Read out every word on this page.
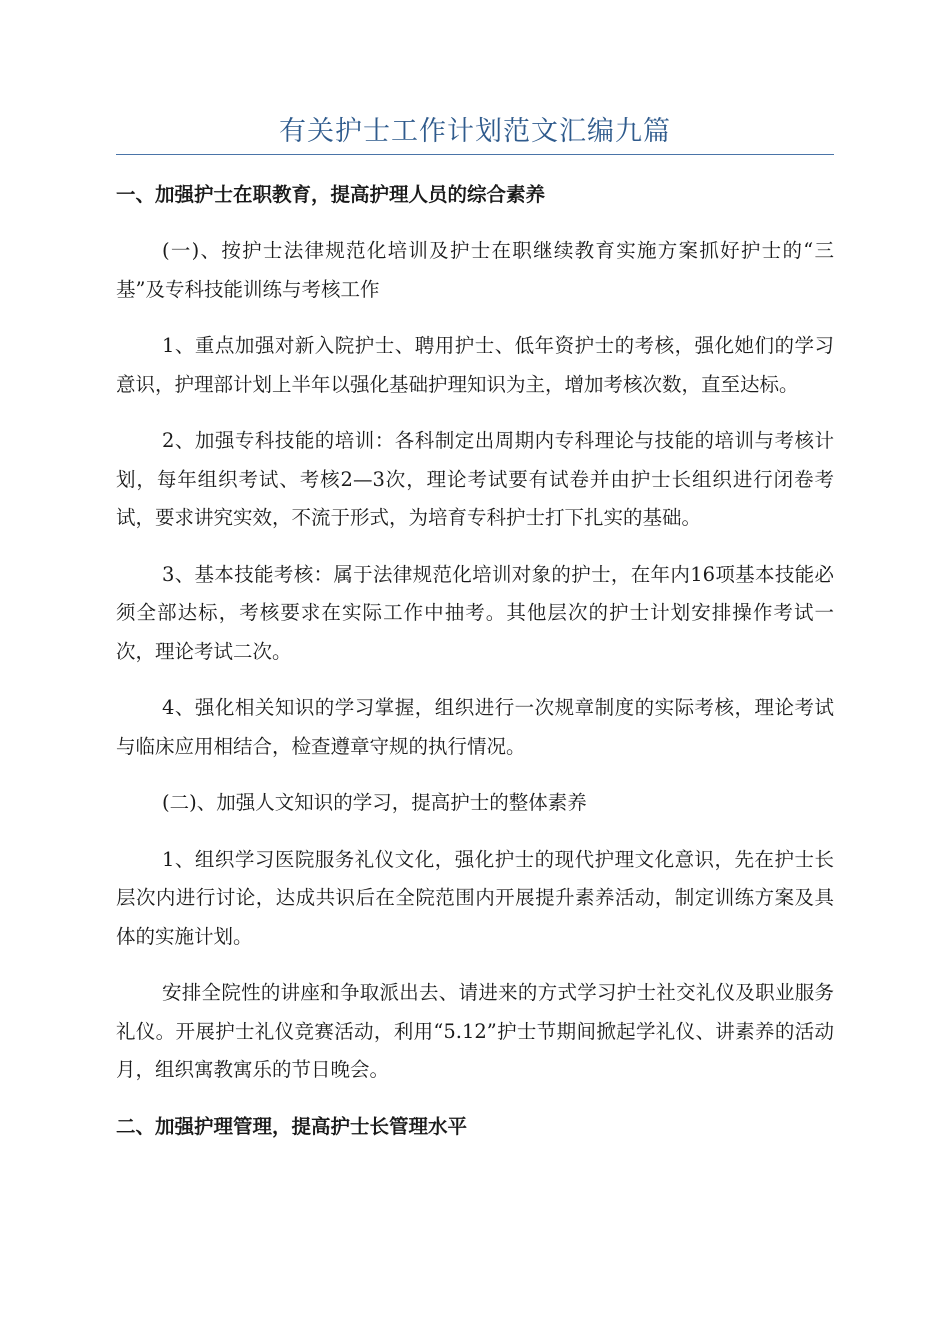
有关护士工作计划范文汇编九篇

一、加强护士在职教育，提高护理人员的综合素养

(一)、按护士法律规范化培训及护士在职继续教育实施方案抓好护士的“三基”及专科技能训练与考核工作

1、重点加强对新入院护士、聘用护士、低年资护士的考核，强化她们的学习意识，护理部计划上半年以强化基础护理知识为主，增加考核次数，直至达标。

2、加强专科技能的培训：各科制定出周期内专科理论与技能的培训与考核计划，每年组织考试、考核2—3次，理论考试要有试卷并由护士长组织进行闭卷考试，要求讲究实效，不流于形式，为培育专科护士打下扎实的基础。

3、基本技能考核：属于法律规范化培训对象的护士，在年内16项基本技能必须全部达标，考核要求在实际工作中抽考。其他层次的护士计划安排操作考试一次，理论考试二次。

4、强化相关知识的学习掌握，组织进行一次规章制度的实际考核，理论考试与临床应用相结合，检查遵章守规的执行情况。

(二)、加强人文知识的学习，提高护士的整体素养

1、组织学习医院服务礼仪文化，强化护士的现代护理文化意识，先在护士长层次内进行讨论，达成共识后在全院范围内开展提升素养活动，制定训练方案及具体的实施计划。

安排全院性的讲座和争取派出去、请进来的方式学习护士社交礼仪及职业服务礼仪。开展护士礼仪竞赛活动，利用“5.12”护士节期间掀起学礼仪、讲素养的活动月，组织寓教寓乐的节日晚会。

二、加强护理管理，提高护士长管理水平
